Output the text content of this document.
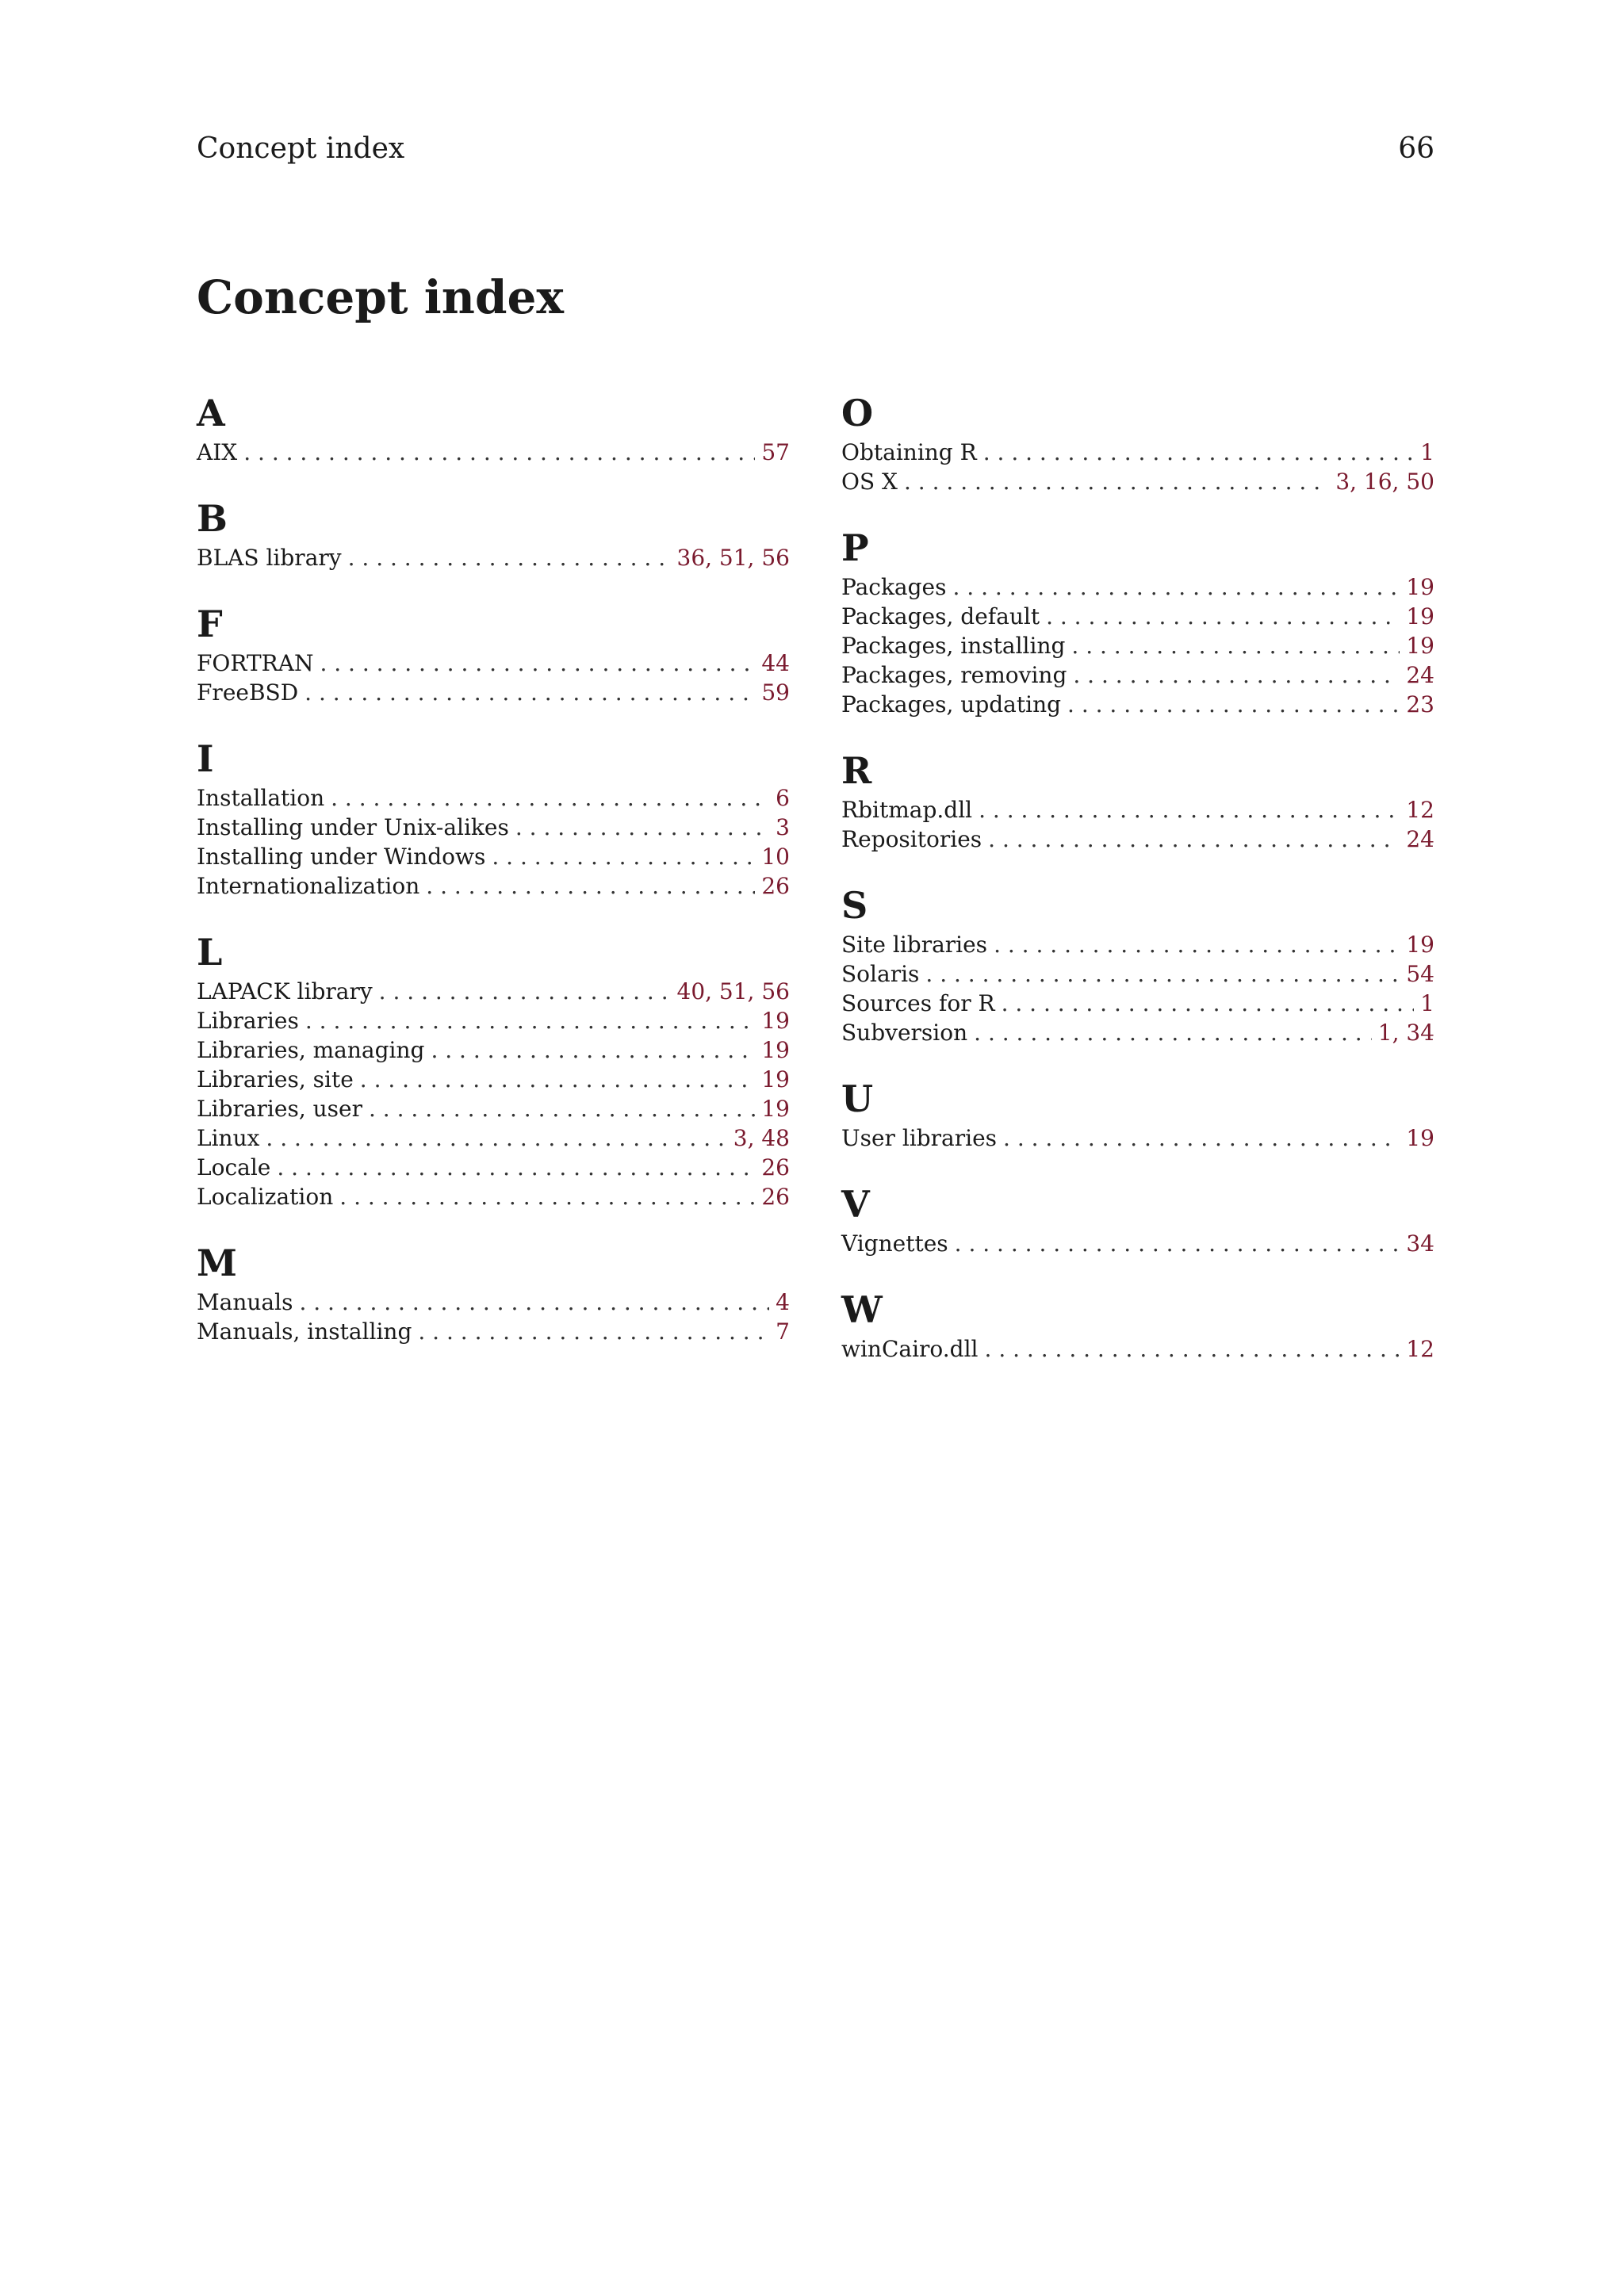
Concept index	66
Concept index
A
AIX . . .	57
B
BLAS library . . .	36, 51, 56
F
FORTRAN . . .	44
FreeBSD . . .	59
I
Installation . . .	6
Installing under Unix-alikes . . .	3
Installing under Windows . . .	10
Internationalization . . .	26
L
LAPACK library . . .	40, 51, 56
Libraries . . .	19
Libraries, managing . . .	19
Libraries, site . . .	19
Libraries, user . . .	19
Linux . . .	3, 48
Locale . . .	26
Localization . . .	26
M
Manuals . . .	4
Manuals, installing . . .	7
O
Obtaining R . . .	1
OS X . . .	3, 16, 50
P
Packages . . .	19
Packages, default . . .	19
Packages, installing . . .	19
Packages, removing . . .	24
Packages, updating . . .	23
R
Rbitmap.dll . . .	12
Repositories . . .	24
S
Site libraries . . .	19
Solaris . . .	54
Sources for R . . .	1
Subversion . . .	1, 34
U
User libraries . . .	19
V
Vignettes . . .	34
W
winCairo.dll . . .	12
